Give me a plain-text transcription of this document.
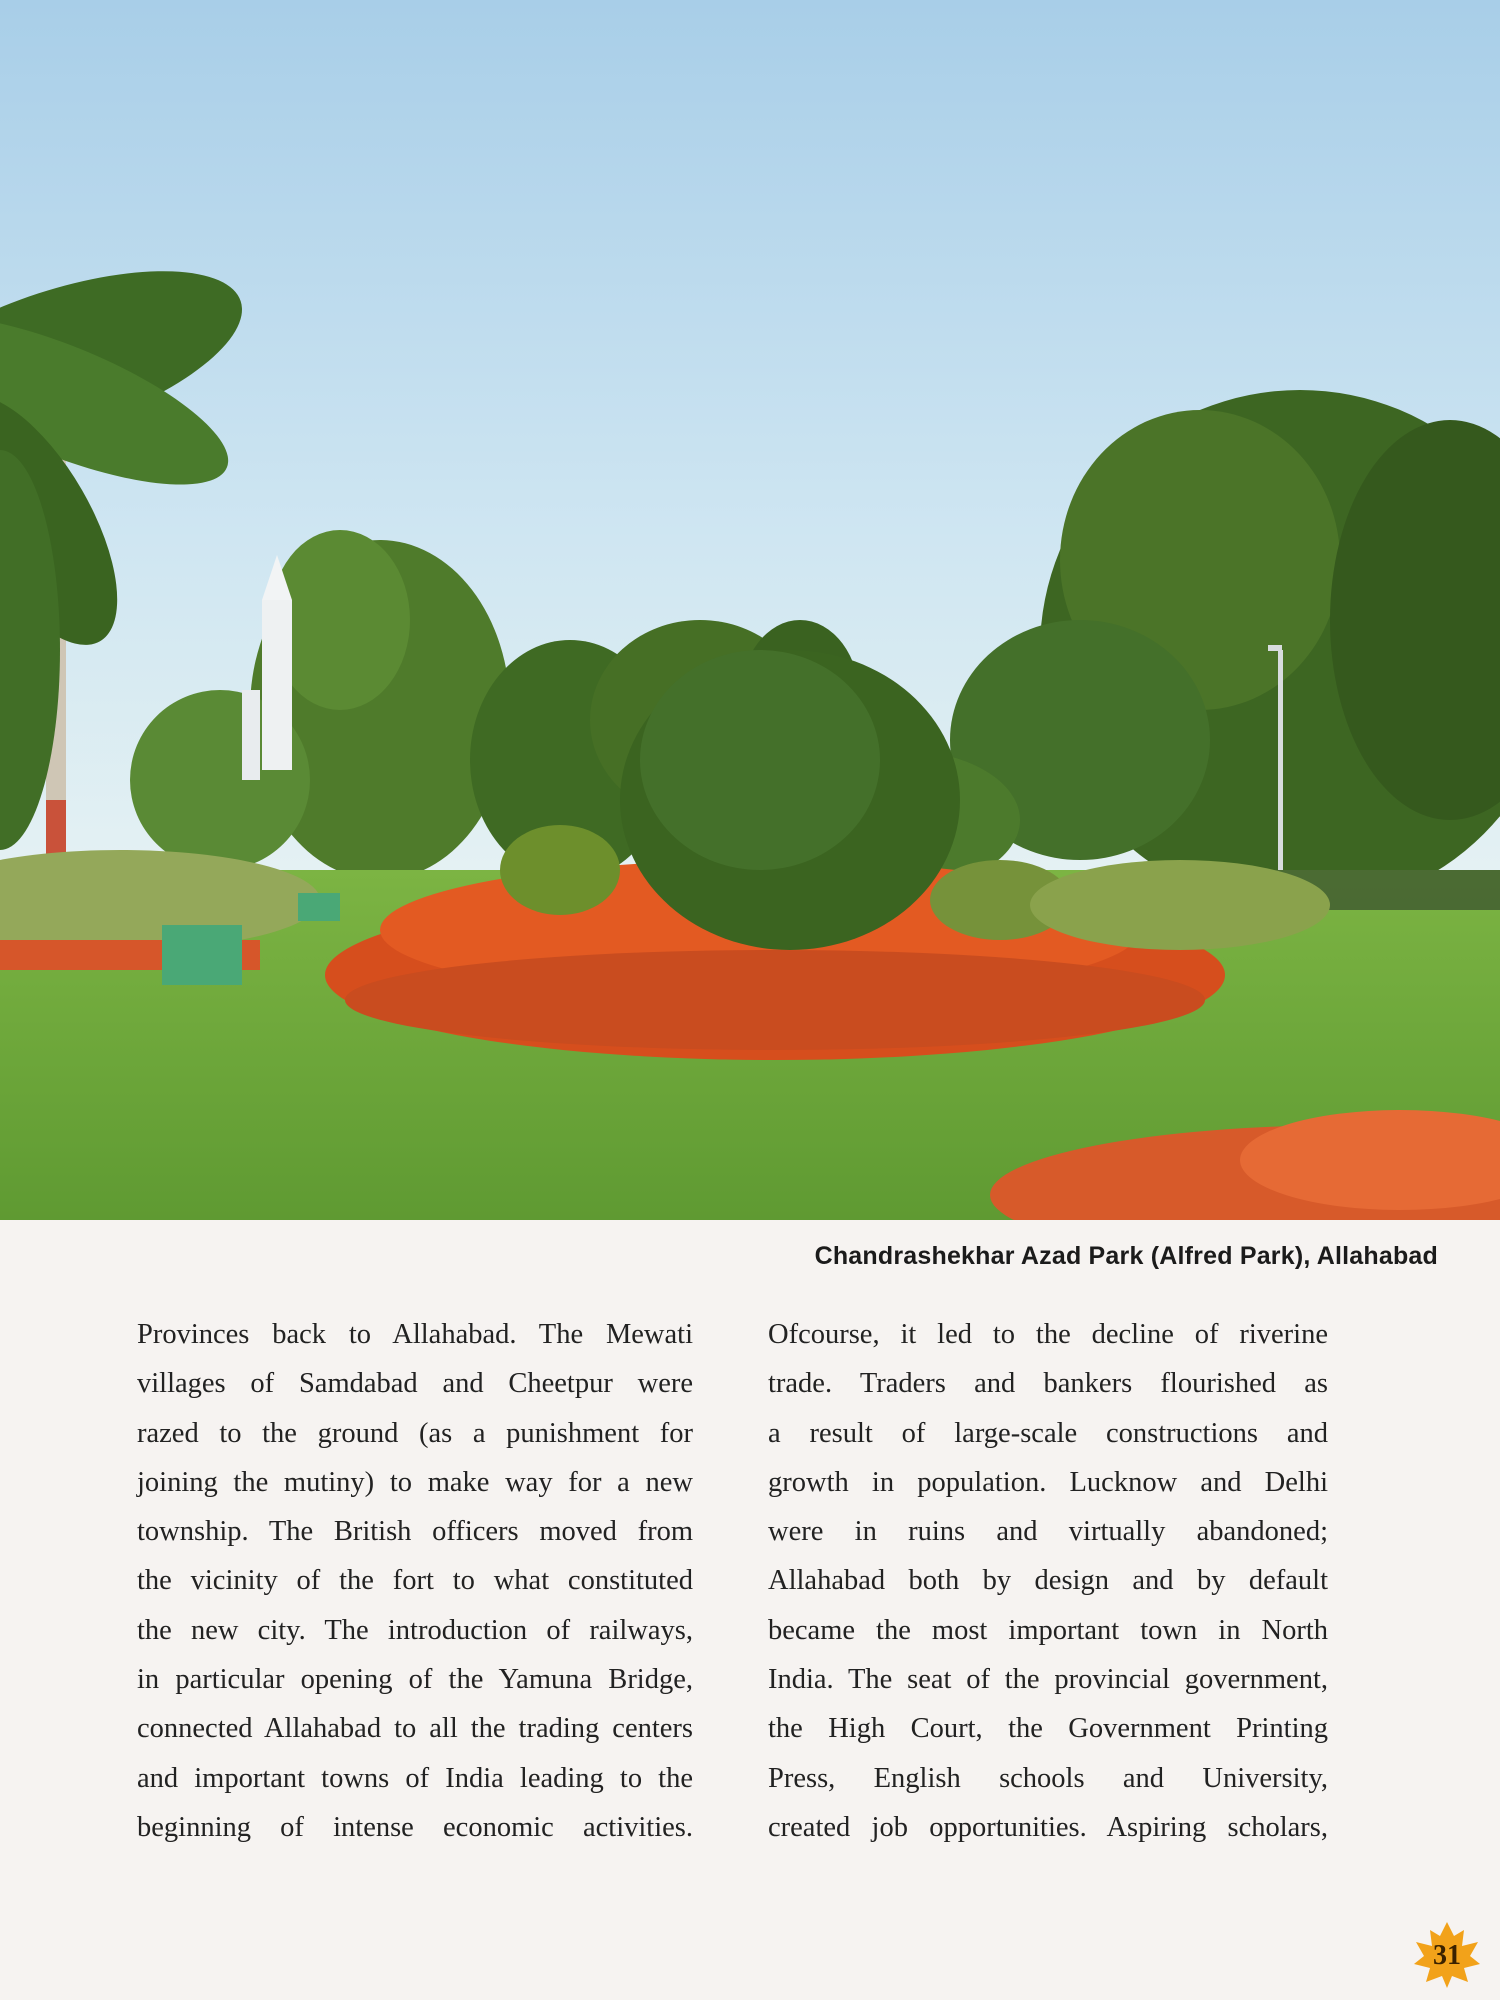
Chandrashekhar Azad Park (Alfred Park), Allahabad
Provinces back to Allahabad. The Mewati
villages of Samdabad and Cheetpur were
razed to the ground (as a punishment for
joining the mutiny) to make way for a new
township. The British officers moved from
the vicinity of the fort to what constituted
the new city. The introduction of railways,
in particular opening of the Yamuna Bridge,
connected Allahabad to all the trading centers
and important towns of India leading to the
beginning of intense economic activities.
Ofcourse, it led to the decline of riverine
trade. Traders and bankers flourished as
a result of large-scale constructions and
growth in population. Lucknow and Delhi
were in ruins and virtually abandoned;
Allahabad both by design and by default
became the most important town in North
India. The seat of the provincial government,
the High Court, the Government Printing
Press, English schools and University,
created job opportunities. Aspiring scholars,
31
